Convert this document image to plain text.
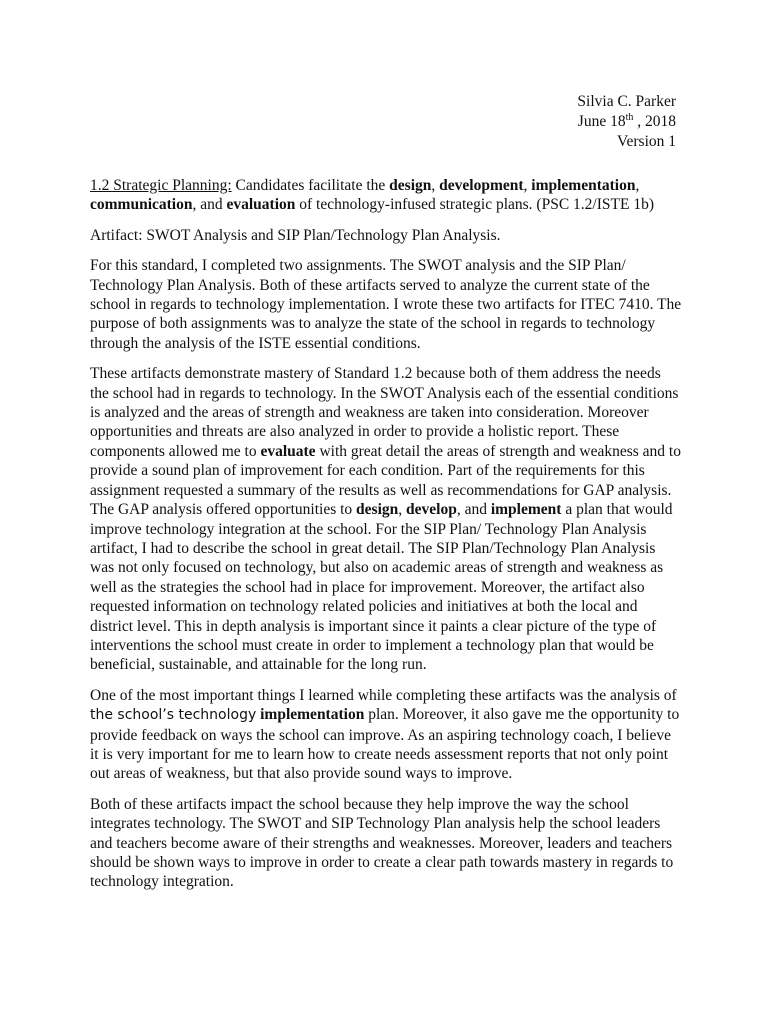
Silvia C. Parker
June 18th , 2018
Version 1

1.2 Strategic Planning: Candidates facilitate the design, development, implementation,
communication, and evaluation of technology-infused strategic plans. (PSC 1.2/ISTE 1b)

Artifact: SWOT Analysis and SIP Plan/Technology Plan Analysis.

For this standard, I completed two assignments. The SWOT analysis and the SIP Plan/ Technology Plan Analysis. Both of these artifacts served to analyze the current state of the school in regards to technology implementation. I wrote these two artifacts for ITEC 7410. The purpose of both assignments was to analyze the state of the school in regards to technology through the analysis of the ISTE essential conditions.

These artifacts demonstrate mastery of Standard 1.2 because both of them address the needs the school had in regards to technology. In the SWOT Analysis each of the essential conditions is analyzed and the areas of strength and weakness are taken into consideration. Moreover opportunities and threats are also analyzed in order to provide a holistic report. These components allowed me to evaluate with great detail the areas of strength and weakness and to provide a sound plan of improvement for each condition. Part of the requirements for this assignment requested a summary of the results as well as recommendations for GAP analysis. The GAP analysis offered opportunities to design, develop, and implement a plan that would improve technology integration at the school. For the SIP Plan/ Technology Plan Analysis artifact, I had to describe the school in great detail. The SIP Plan/Technology Plan Analysis was not only focused on technology, but also on academic areas of strength and weakness as well as the strategies the school had in place for improvement. Moreover, the artifact also requested information on technology related policies and initiatives at both the local and district level. This in depth analysis is important since it paints a clear picture of the type of interventions the school must create in order to implement a technology plan that would be beneficial, sustainable, and attainable for the long run.

One of the most important things I learned while completing these artifacts was the analysis of the school’s technology implementation plan. Moreover, it also gave me the opportunity to provide feedback on ways the school can improve. As an aspiring technology coach, I believe it is very important for me to learn how to create needs assessment reports that not only point out areas of weakness, but that also provide sound ways to improve.

Both of these artifacts impact the school because they help improve the way the school integrates technology. The SWOT and SIP Technology Plan analysis help the school leaders and teachers become aware of their strengths and weaknesses. Moreover, leaders and teachers should be shown ways to improve in order to create a clear path towards mastery in regards to technology integration.
